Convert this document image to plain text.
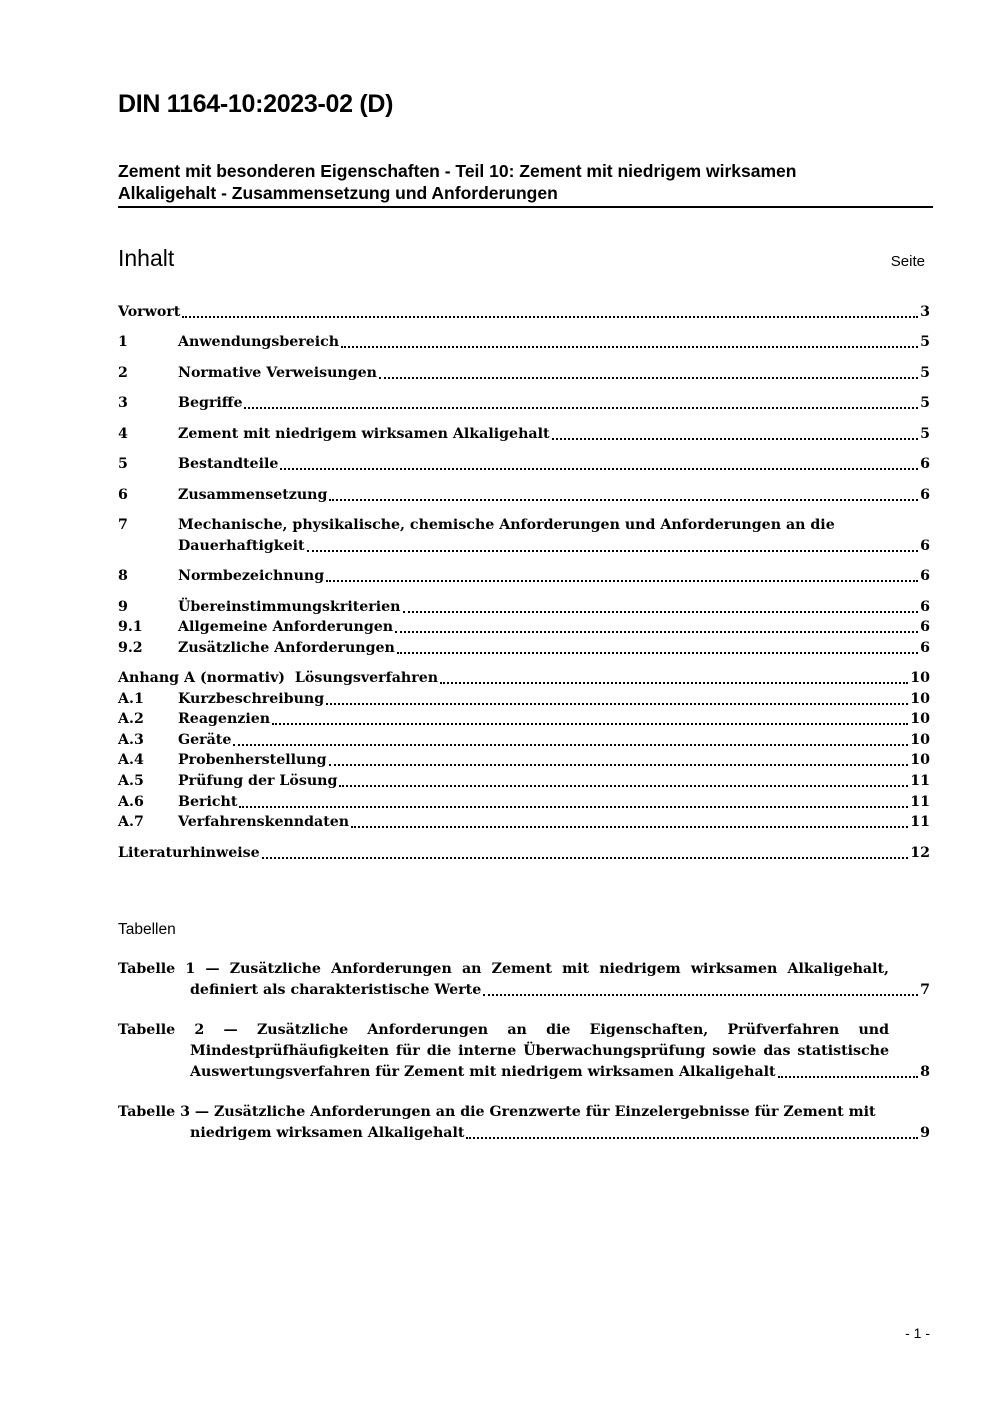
DIN 1164-10:2023-02 (D)
Zement mit besonderen Eigenschaften - Teil 10: Zement mit niedrigem wirksamen
Alkaligehalt - Zusammensetzung und Anforderungen
Inhalt	Seite
Vorwort	3
1	Anwendungsbereich	5
2	Normative Verweisungen	5
3	Begriffe	5
4	Zement mit niedrigem wirksamen Alkaligehalt	5
5	Bestandteile	6
6	Zusammensetzung	6
7	Mechanische, physikalische, chemische Anforderungen und Anforderungen an die
Dauerhaftigkeit	6
8	Normbezeichnung	6
9	Übereinstimmungskriterien	6
9.1	Allgemeine Anforderungen	6
9.2	Zusätzliche Anforderungen	6
Anhang A (normativ)  Lösungsverfahren	10
A.1	Kurzbeschreibung	10
A.2	Reagenzien	10
A.3	Geräte	10
A.4	Probenherstellung	10
A.5	Prüfung der Lösung	11
A.6	Bericht	11
A.7	Verfahrenskenndaten	11
Literaturhinweise	12
Tabellen
Tabelle 1 — Zusätzliche Anforderungen an Zement mit niedrigem wirksamen Alkaligehalt,
definiert als charakteristische Werte	7
Tabelle 2 — Zusätzliche Anforderungen an die Eigenschaften, Prüfverfahren und
Mindestprüfhäufigkeiten für die interne Überwachungsprüfung sowie das statistische
Auswertungsverfahren für Zement mit niedrigem wirksamen Alkaligehalt	8
Tabelle 3 — Zusätzliche Anforderungen an die Grenzwerte für Einzelergebnisse für Zement mit
niedrigem wirksamen Alkaligehalt	9
- 1 -
